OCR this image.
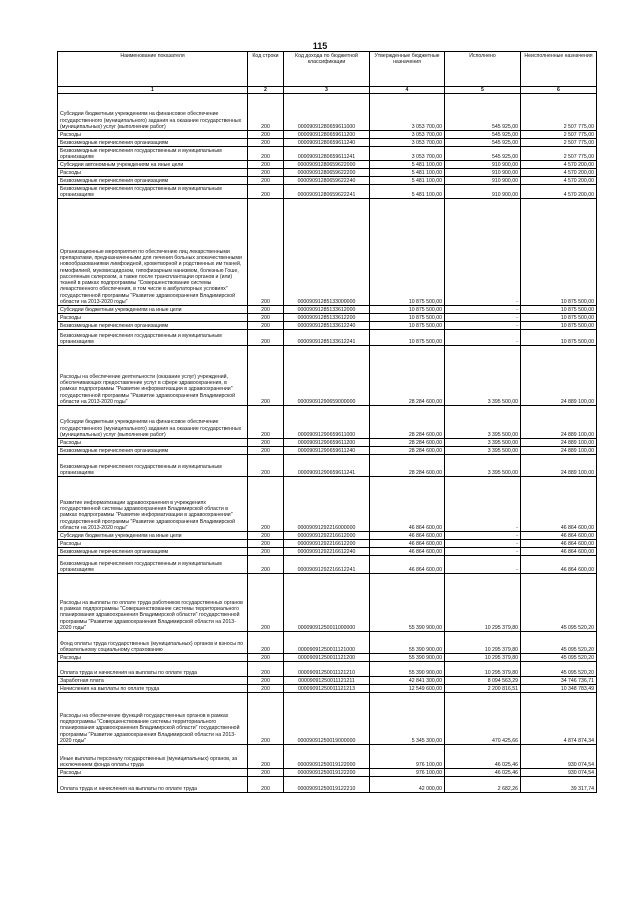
115
Наименование показателя	Код строки	Код дохода по бюджетной классификации	Утвержденные бюджетные назначения	Исполнено	Неисполненные назначения
1	2	3	4	5	6
Субсидии бюджетным учреждениям на финансовое обеспечение государственного (муниципального) задания на оказание государственных (муниципальных) услуг (выполнение работ)	200	00009091280659611000	3 053 700,00	545 925,00	2 507 775,00
Расходы	200	00009091280659611200	3 053 700,00	545 925,00	2 507 775,00
Безвозмездные перечисления организациям	200	00009091280659611240	3 053 700,00	545 925,00	2 507 775,00
Безвозмездные перечисления государственным и муниципальным организациям	200	00009091280659611241	3 053 700,00	545 925,00	2 507 775,00
Субсидии автономным учреждениям на иные цели	200	00009091280659622000	5 481 100,00	910 900,00	4 570 200,00
Расходы	200	00009091280659622200	5 481 100,00	910 900,00	4 570 200,00
Безвозмездные перечисления организациям	200	00009091280659622240	5 481 100,00	910 900,00	4 570 200,00
Безвозмездные перечисления государственным и муниципальным организациям	200	00009091280659622241	5 481 100,00	910 900,00	4 570 200,00
Организационные мероприятия по обеспечению лиц лекарственными препаратами, предназначенными для лечения больных злокачественными новообразованиями лимфоидной, кроветворной и родственных им тканей, гемофилией, муковисцидозом, гипофизарным нанизмом, болезнью Гоше, рассеянным склерозом, а также после трансплантации органов и (или) тканей в рамках подпрограммы "Совершенствование системы лекарственного обеспечения, в том числе в амбулаторных условиях" государственной программы "Развитие здравоохранения Владимирской области на 2013-2020 годы"	200	00009091285133000000	10 875 500,00	-	10 875 500,00
Субсидии бюджетным учреждениям на иные цели	200	00009091285133612000	10 875 500,00	-	10 875 500,00
Расходы	200	00009091285133612200	10 875 500,00	-	10 875 500,00
Безвозмездные перечисления организациям	200	00009091285133612240	10 875 500,00	-	10 875 500,00
Безвозмездные перечисления государственным и муниципальным организациям	200	00009091285133612241	10 875 500,00	-	10 875 500,00
Расходы на обеспечение деятельности (оказание услуг) учреждений, обеспечивающих предоставление услуг в сфере здравоохранения, в рамках подпрограммы "Развитие информатизации в здравоохранении" государственной программы "Развитие здравоохранения Владимирской области на 2013-2020 годы"	200	00009091290659000000	28 284 600,00	3 395 500,00	24 889 100,00
Субсидии бюджетным учреждениям на финансовое обеспечение государственного (муниципального) задания на оказание государственных (муниципальных) услуг (выполнение работ)	200	00009091290659611000	28 284 600,00	3 395 500,00	24 889 100,00
Расходы	200	00009091290659611200	28 284 600,00	3 395 500,00	24 889 100,00
Безвозмездные перечисления организациям	200	00009091290659611240	28 284 600,00	3 395 500,00	24 889 100,00
Безвозмездные перечисления государственным и муниципальным организациям	200	00009091290659611241	28 284 600,00	3 395 500,00	24 889 100,00
Развитие информатизации здравоохранения в учреждениях государственной системы здравоохранения Владимирской области в рамках подпрограммы "Развитие информатизации в здравоохранении" государственной программы "Развитие здравоохранения Владимирской области на 2013-2020 годы"	200	00009091292216000000	46 864 600,00	-	46 864 600,00
Субсидии бюджетным учреждениям на иные цели	200	00009091292216612000	46 864 600,00	-	46 864 600,00
Расходы	200	00009091292216612200	46 864 600,00	-	46 864 600,00
Безвозмездные перечисления организациям	200	00009091292216612240	46 864 600,00	-	46 864 600,00
Безвозмездные перечисления государственным и муниципальным организациям	200	00009091292216612241	46 864 600,00	-	46 864 600,00
Расходы на выплаты по оплате труда работников государственных органов в рамках подпрограммы "Совершенствование системы территориального планирования здравоохранения Владимирской области" государственной программы "Развитие здравоохранения Владимирской области на 2013-2020 годы"	200	00009091250011000000	55 390 900,00	10 295 379,80	45 095 520,20
Фонд оплаты труда государственных (муниципальных) органов и взносы по обязательному социальному страхованию	200	00009091250011121000	55 390 900,00	10 295 379,80	45 095 520,20
Расходы	200	00009091250011121200	55 390 900,00	10 295 379,80	45 095 520,20
Оплата труда и начисления на выплаты по оплате труда	200	00009091250011121210	55 390 900,00	10 295 379,80	45 095 520,20
Заработная плата	200	00009091250011121211	42 841 300,00	8 094 563,29	34 746 736,71
Начисления на выплаты по оплате труда	200	00009091250011121213	12 549 600,00	2 200 816,51	10 348 783,49
Расходы на обеспечение функций государственных органов в рамках подпрограммы "Совершенствование системы территориального планирования здравоохранения Владимирской области" государственной программы "Развитие здравоохранения Владимирской области на 2013-2020 годы"	200	00009091250019000000	5 345 300,00	470 425,66	4 874 874,34
Иные выплаты персоналу государственных (муниципальных) органов, за исключением фонда оплаты труда	200	00009091250019122000	976 100,00	46 025,46	930 074,54
Расходы	200	00009091250019122200	976 100,00	46 025,46	930 074,54
Оплата труда и начисления на выплаты по оплате труда	200	00009091250019122210	42 000,00	2 682,26	39 317,74
